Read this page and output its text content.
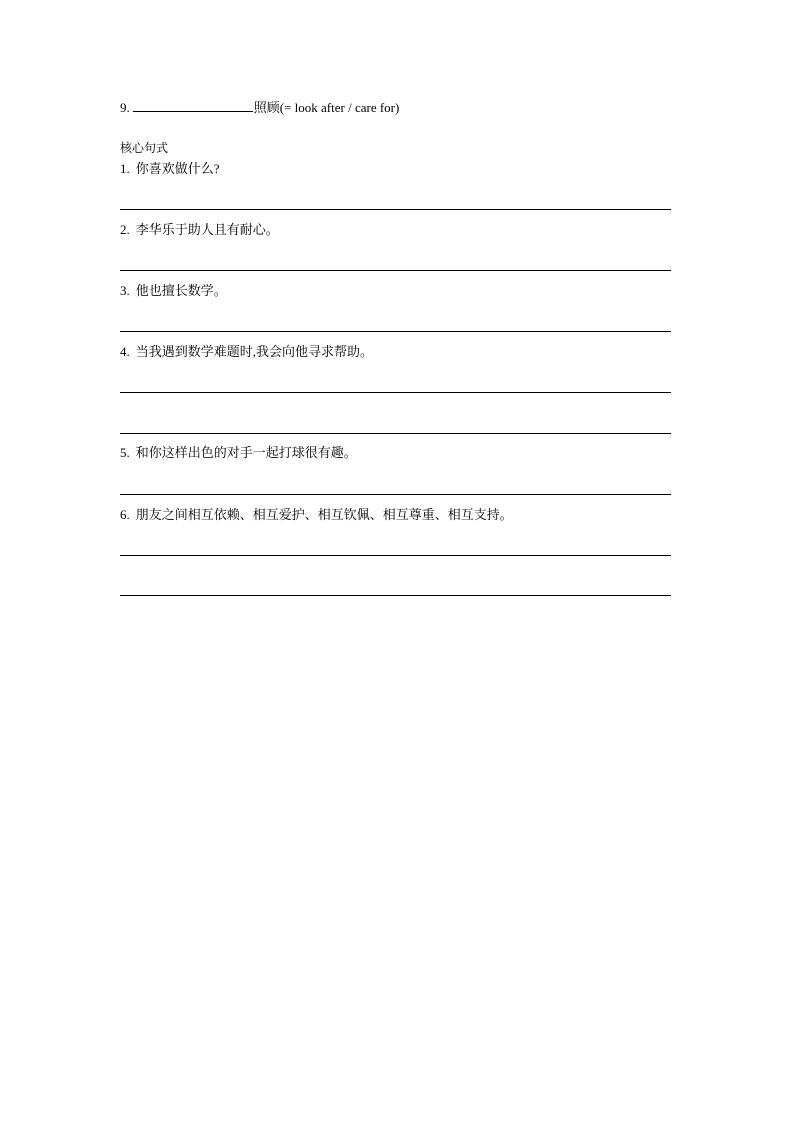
9.	照顾(= look after / care for)
核心句式
1. 你喜欢做什么?
2. 李华乐于助人且有耐心。
3. 他也擅长数学。
4. 当我遇到数学难题时,我会向他寻求帮助。
5. 和你这样出色的对手一起打球很有趣。
6. 朋友之间相互依赖、相互爱护、相互钦佩、相互尊重、相互支持。
